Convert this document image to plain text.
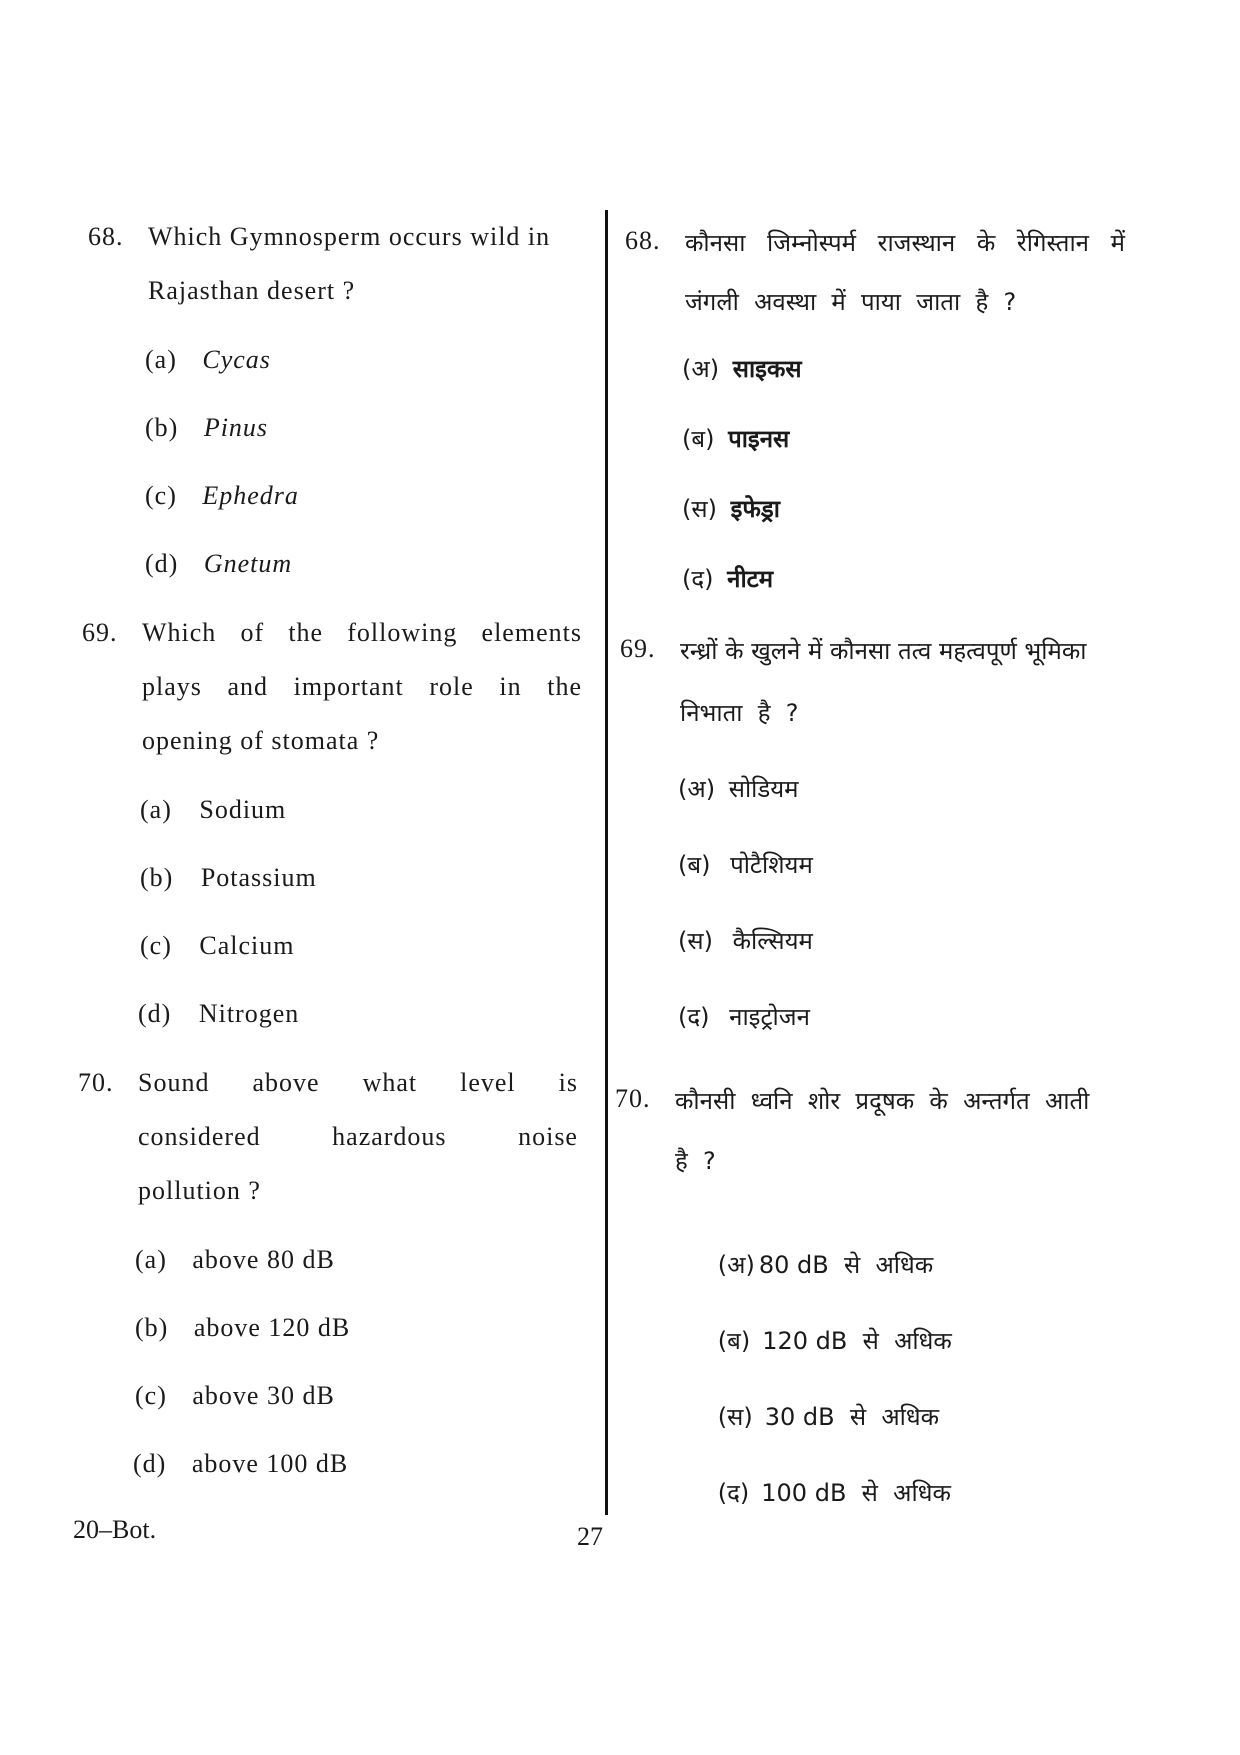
68. Which Gymnosperm occurs wild in
Rajasthan desert ?
(a) Cycas
(b) Pinus
(c) Ephedra
(d) Gnetum
69. Which of the following elements
plays and important role in the
opening of stomata ?
(a) Sodium
(b) Potassium
(c) Calcium
(d) Nitrogen
70. Sound above what level is
considered	hazardous	noise
pollution ?
(a) above 80 dB
(b) above 120 dB
(c) above 30 dB
(d) above 100 dB
68. कौनसा जिम्नोस्पर्म राजस्थान के रेगिस्तान में
जंगली  अवस्था  में  पाया  जाता  है  ?
(अ) साइकस
(ब) पाइनस
(स) इफेड्रा
(द) नीटम
69. रन्ध्रों के खुलने में कौनसा तत्व महत्वपूर्ण भूमिका
निभाता  है  ?
(अ) सोडियम
(ब) पोटैशियम
(स) कैल्सियम
(द) नाइट्रोजन
70. कौनसी  ध्वनि  शोर  प्रदूषक  के  अन्तर्गत  आती
है  ?

(अ) 80 dB  से  अधिक

(ब) 120 dB  से  अधिक

(स) 30 dB  से  अधिक

(द) 100 dB  से  अधिक

20–Bot.	27
